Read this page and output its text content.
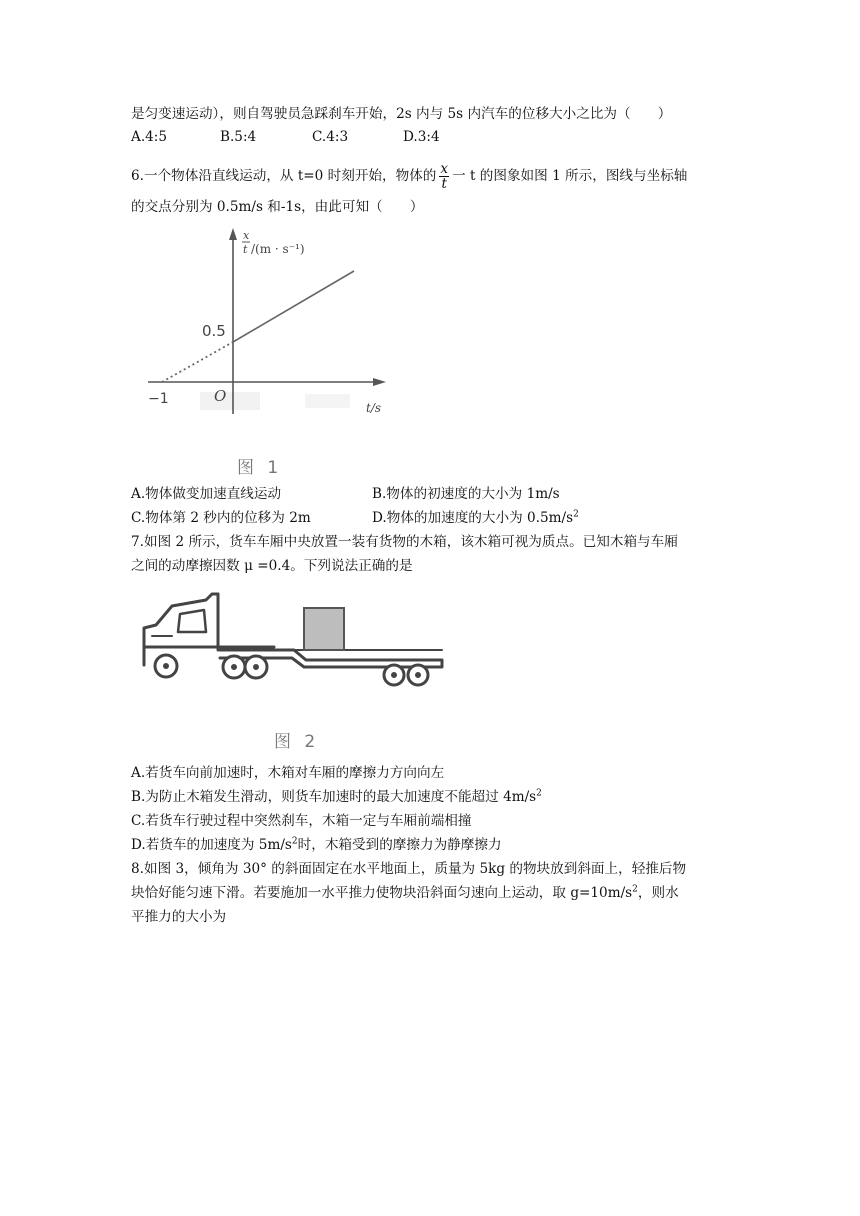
是匀变速运动），则自驾驶员急踩刹车开始，2s 内与 5s 内汽车的位移大小之比为（　　）
A.4:5	B.5:4	C.4:3	D.3:4
6.一个物体沿直线运动，从 t=0 时刻开始，物体的 $\frac{x}{t}$ 一 t 的图象如图 1 所示，图线与坐标轴
的交点分别为 0.5m/s 和-1s，由此可知（　　）
x
t /(m · s⁻¹)
0.5
−1	O
t/s
图 1
A.物体做变加速直线运动	B.物体的初速度的大小为 1m/s
C.物体第 2 秒内的位移为 2m	D.物体的加速度的大小为 $0.5m/s^2$
7.如图 2 所示，货车车厢中央放置一装有货物的木箱，该木箱可视为质点。已知木箱与车厢
之间的动摩擦因数 μ =0.4。下列说法正确的是
图 2
A.若货车向前加速时，木箱对车厢的摩擦力方向向左
B.为防止木箱发生滑动，则货车加速时的最大加速度不能超过 $4m/s^2$
C.若货车行驶过程中突然刹车，木箱一定与车厢前端相撞
D.若货车的加速度为 $5m/s^2$时，木箱受到的摩擦力为静摩擦力
8.如图 3，倾角为 30° 的斜面固定在水平地面上，质量为 5kg 的物块放到斜面上，轻推后物
块恰好能匀速下滑。若要施加一水平推力使物块沿斜面匀速向上运动，取 $g=10m/s^2$，则水
平推力的大小为
